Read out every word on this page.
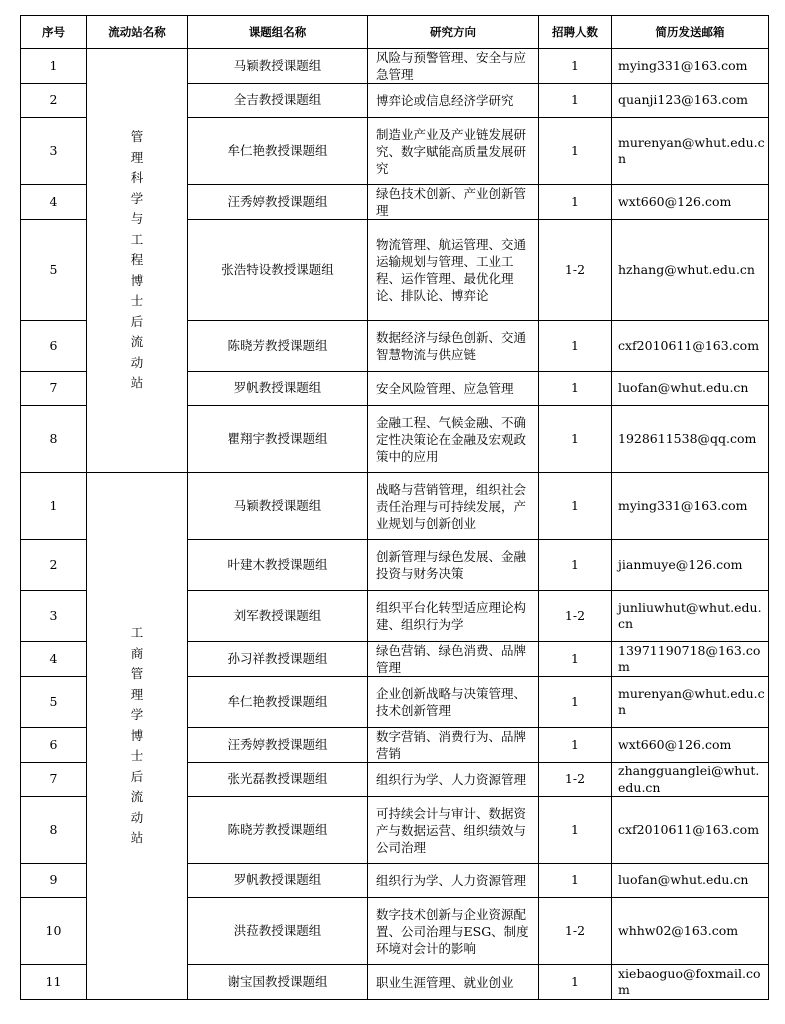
序号	流动站名称	课题组名称	研究方向	招聘人数	简历发送邮箱
1	管理科学与工程博士后流动站	马颖教授课题组	风险与预警管理、安全与应急管理	1	mying331@163.com
2		全吉教授课题组	博弈论或信息经济学研究	1	quanji123@163.com
3		牟仁艳教授课题组	制造业产业及产业链发展研究、数字赋能高质量发展研究	1	murenyan@whut.edu.cn
4		汪秀婷教授课题组	绿色技术创新、产业创新管理	1	wxt660@126.com
5		张浩特设教授课题组	物流管理、航运管理、交通运输规划与管理、工业工程、运作管理、最优化理论、排队论、博弈论	1-2	hzhang@whut.edu.cn
6		陈晓芳教授课题组	数据经济与绿色创新、交通智慧物流与供应链	1	cxf2010611@163.com
7		罗帆教授课题组	安全风险管理、应急管理	1	luofan@whut.edu.cn
8		瞿翔宇教授课题组	金融工程、气候金融、不确定性决策论在金融及宏观政策中的应用	1	1928611538@qq.com
1	工商管理学博士后流动站	马颖教授课题组	战略与营销管理，组织社会责任治理与可持续发展，产业规划与创新创业	1	mying331@163.com
2		叶建木教授课题组	创新管理与绿色发展、金融投资与财务决策	1	jianmuye@126.com
3		刘军教授课题组	组织平台化转型适应理论构建、组织行为学	1-2	junliuwhut@whut.edu.cn
4		孙习祥教授课题组	绿色营销、绿色消费、品牌管理	1	13971190718@163.com
5		牟仁艳教授课题组	企业创新战略与决策管理、技术创新管理	1	murenyan@whut.edu.cn
6		汪秀婷教授课题组	数字营销、消费行为、品牌营销	1	wxt660@126.com
7		张光磊教授课题组	组织行为学、人力资源管理	1-2	zhangguanglei@whut.edu.cn
8		陈晓芳教授课题组	可持续会计与审计、数据资产与数据运营、组织绩效与公司治理	1	cxf2010611@163.com
9		罗帆教授课题组	组织行为学、人力资源管理	1	luofan@whut.edu.cn
10		洪菈教授课题组	数字技术创新与企业资源配置、公司治理与ESG、制度环境对会计的影响	1-2	whhw02@163.com
11		谢宝国教授课题组	职业生涯管理、就业创业	1	xiebaoguo@foxmail.com
